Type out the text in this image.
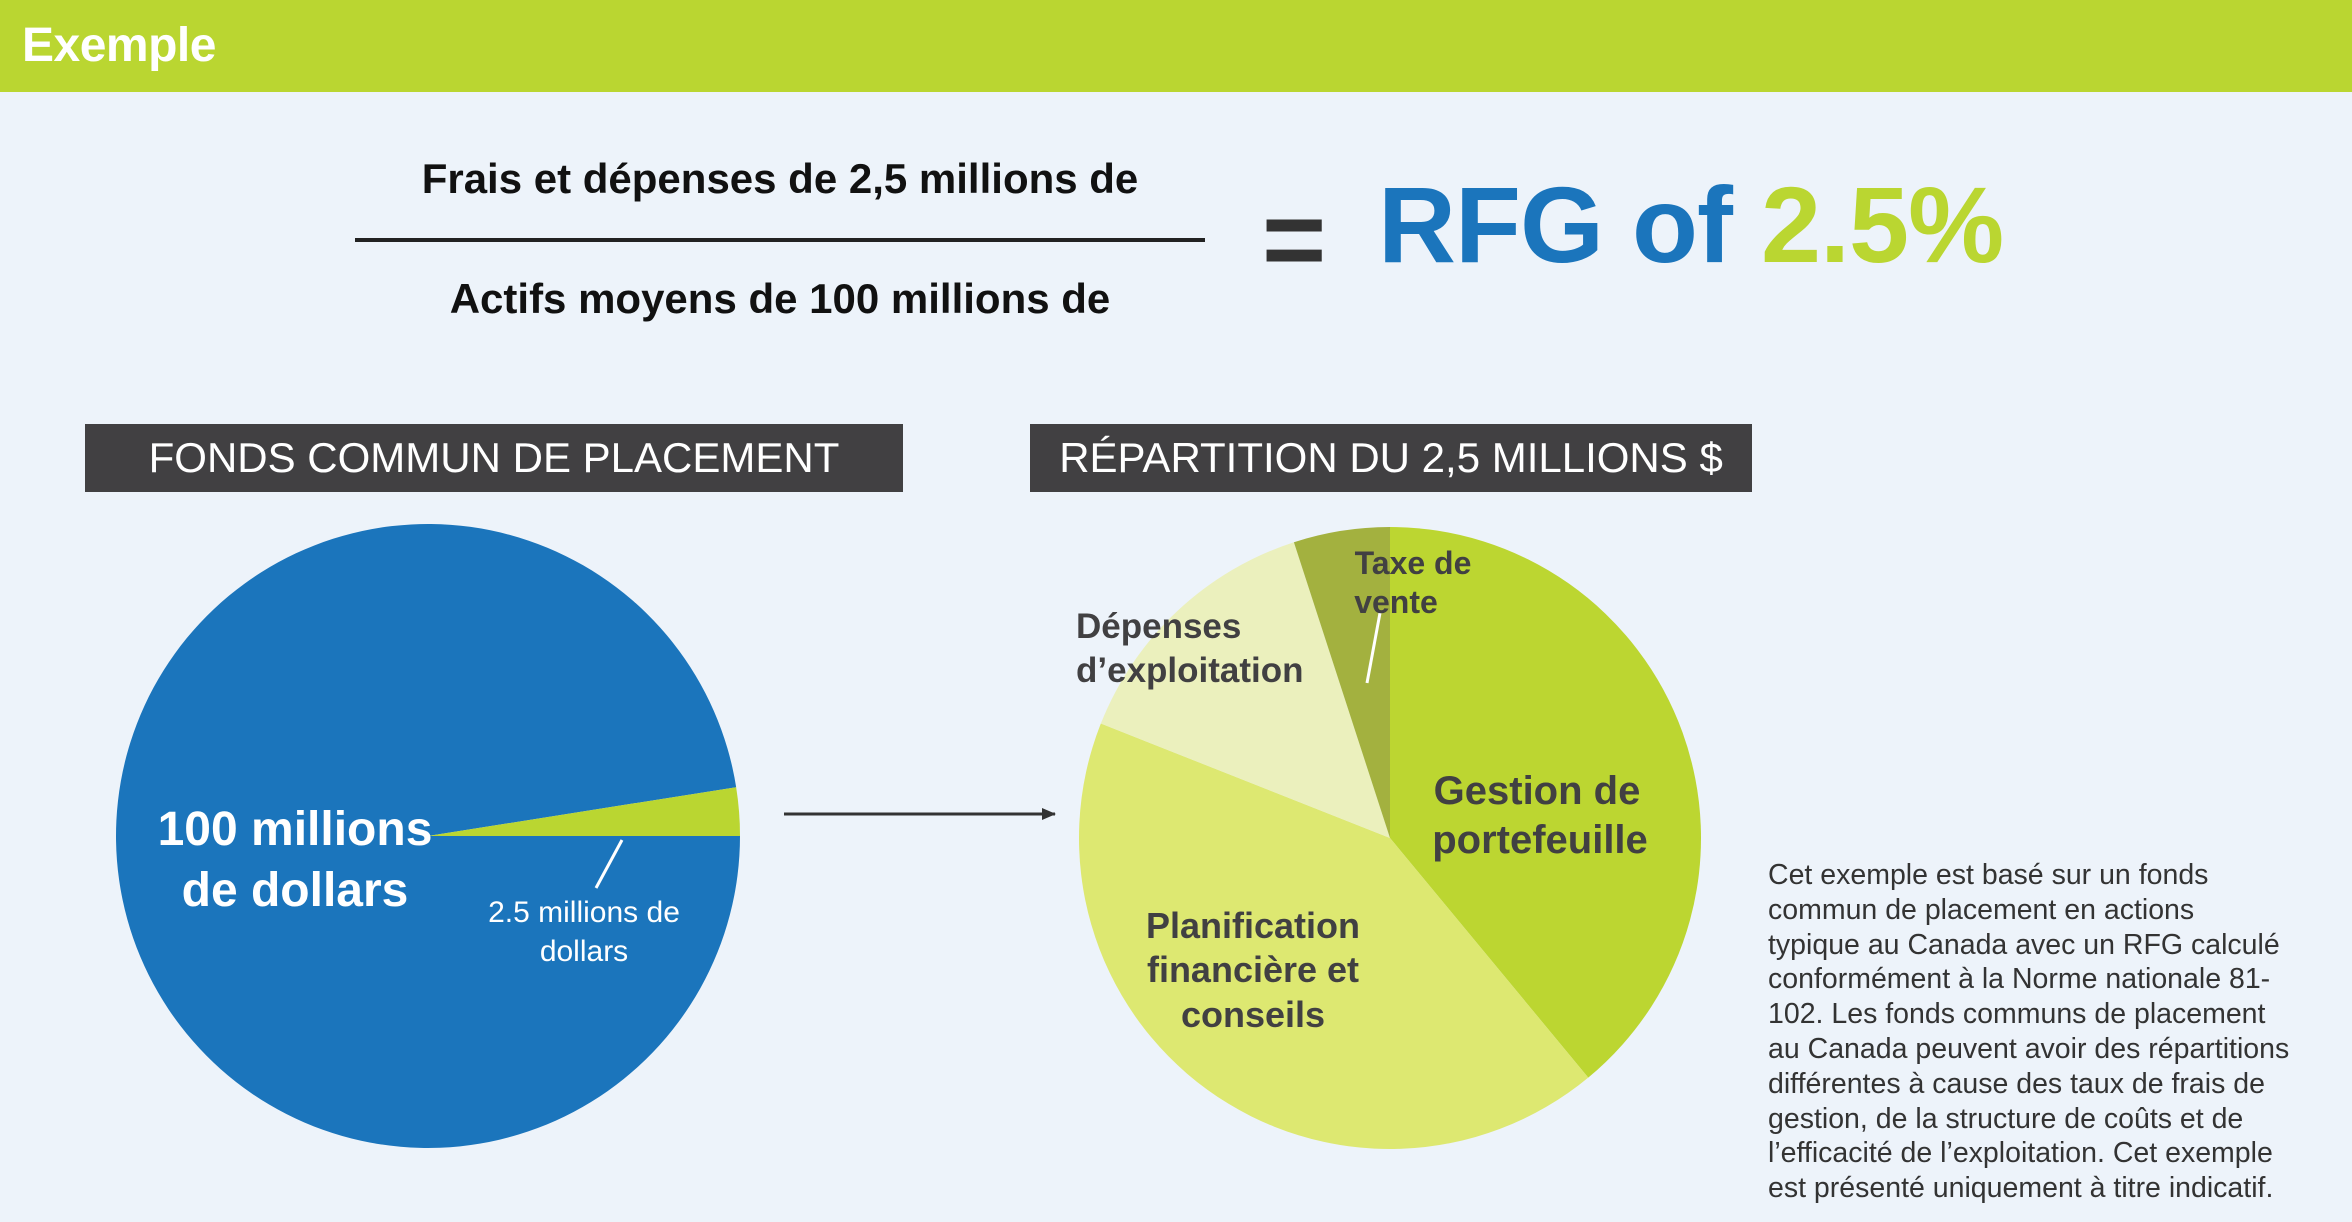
Exemple
Frais et dépenses de 2,5 millions de
Actifs moyens de 100 millions de	= RFG of 2.5%
FONDS COMMUN DE PLACEMENT	RÉPARTITION DU 2,5 MILLIONS $
100 millions
de dollars
Gestion de
portefeuille
Planification
financière et
conseils
Dépenses
d’exploitation
Taxe de
vente
2.5 millions de
dollars
Cet exemple est basé sur un fonds
commun de placement en actions
typique au Canada avec un RFG calculé
conformément à la Norme nationale 81-
102. Les fonds communs de placement
au Canada peuvent avoir des répartitions
différentes à cause des taux de frais de
gestion, de la structure de coûts et de
l’efficacité de l’exploitation. Cet exemple
est présenté uniquement à titre indicatif.
